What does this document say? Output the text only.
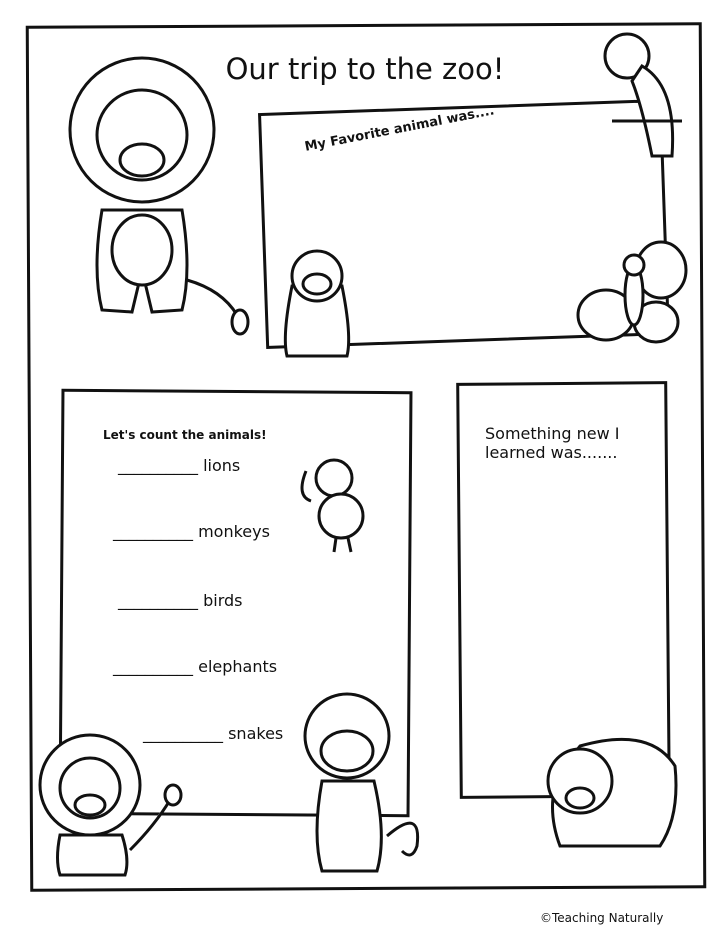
Our trip to the zoo!
My Favorite animal was....
Let's count the animals!
__________ lions
__________ monkeys
__________ birds
__________ elephants
__________ snakes
Something new I learned was.......
©Teaching Naturally
